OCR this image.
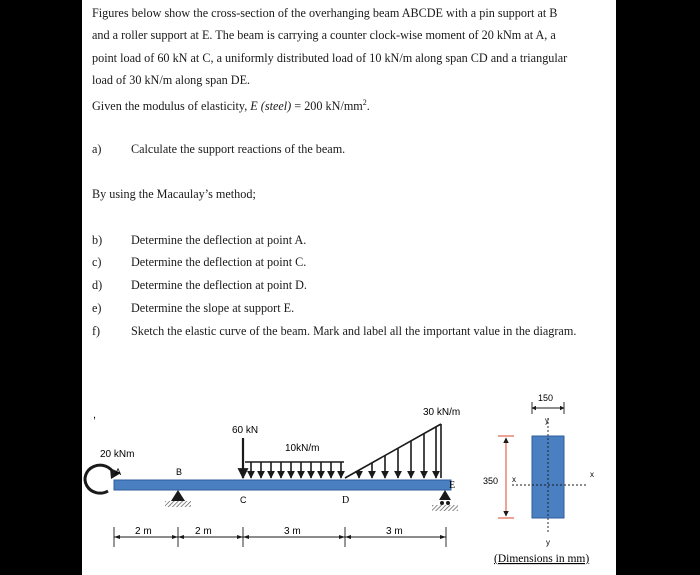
Figures below show the cross-section of the overhanging beam ABCDE with a pin support at B

and a roller support at E. The beam is carrying a counter clock-wise moment of 20 kNm at A, a

point load of 60 kN at C, a uniformly distributed load of 10 kN/m along span CD and a triangular

load of 30 kN/m along span DE.

Given the modulus of elasticity, E (steel) = 200 $kN/mm^2$.

a) Calculate the support reactions of the beam.
By using the Macaulay’s method;
b) Determine the deflection at point A.
c) Determine the deflection at point C.
d) Determine the deflection at point D.
e) Determine the slope at support E.
f)	Sketch the elastic curve of the beam. Mark and label all the important value in the diagram.
,
20 kNm
A	B
60 kN
C
10kN/m
30 kN/m
D
E
2 m	2 m	3 m	3 m
150
y
350 x
x
y
(Dimensions in mm)
